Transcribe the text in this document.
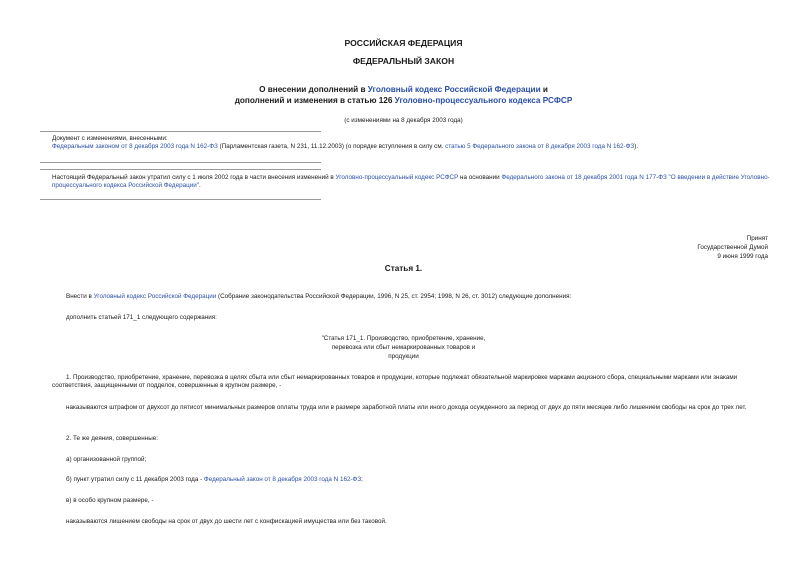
РОССИЙСКАЯ ФЕДЕРАЦИЯ
ФЕДЕРАЛЬНЫЙ ЗАКОН
О внесении дополнений в Уголовный кодекс Российской Федерации и
дополнений и изменения в статью 126 Уголовно-процессуального кодекса РСФСР
(с изменениями на 8 декабря 2003 года)
Документ с изменениями, внесенными:
Федеральным законом от 8 декабря 2003 года N 162-ФЗ (Парламентская газета, N 231, 11.12.2003) (о порядке вступления в силу см. статью 5 Федерального закона от 8 декабря 2003 года N 162-ФЗ).
Настоящий Федеральный закон утратил силу с 1 июля 2002 года в части внесения изменений в Уголовно-процессуальный кодекс РСФСР на основании Федерального закона от 18 декабря 2001 года N 177-ФЗ "О введении в действие Уголовно-процессуального кодекса Российской Федерации".
Принят
Государственной Думой
9 июня 1999 года
Статья 1.

Внести в Уголовный кодекс Российской Федерации (Собрание законодательства Российской Федерации, 1996, N 25, ст. 2954; 1998, N 26, ст. 3012) следующие дополнения:

дополнить статьей 171_1 следующего содержания:

"Статья 171_1. Производство, приобретение, хранение,
перевозка или сбыт немаркированных товаров и
продукции

1. Производство, приобретение, хранение, перевозка в целях сбыта или сбыт немаркированных товаров и продукции, которые подлежат обязательной маркировке марками акцизного сбора, специальными марками или знаками соответствия, защищенными от подделок, совершенные в крупном размере, -

наказываются штрафом от двухсот до пятисот минимальных размеров оплаты труда или в размере заработной платы или иного дохода осужденного за период от двух до пяти месяцев либо лишением свободы на срок до трех лет.

2. Те же деяния, совершенные:

а) организованной группой;

б) пункт утратил силу с 11 декабря 2003 года - Федеральный закон от 8 декабря 2003 года N 162-ФЗ;

в) в особо крупном размере, -

наказываются лишением свободы на срок от двух до шести лет с конфискацией имущества или без таковой.
